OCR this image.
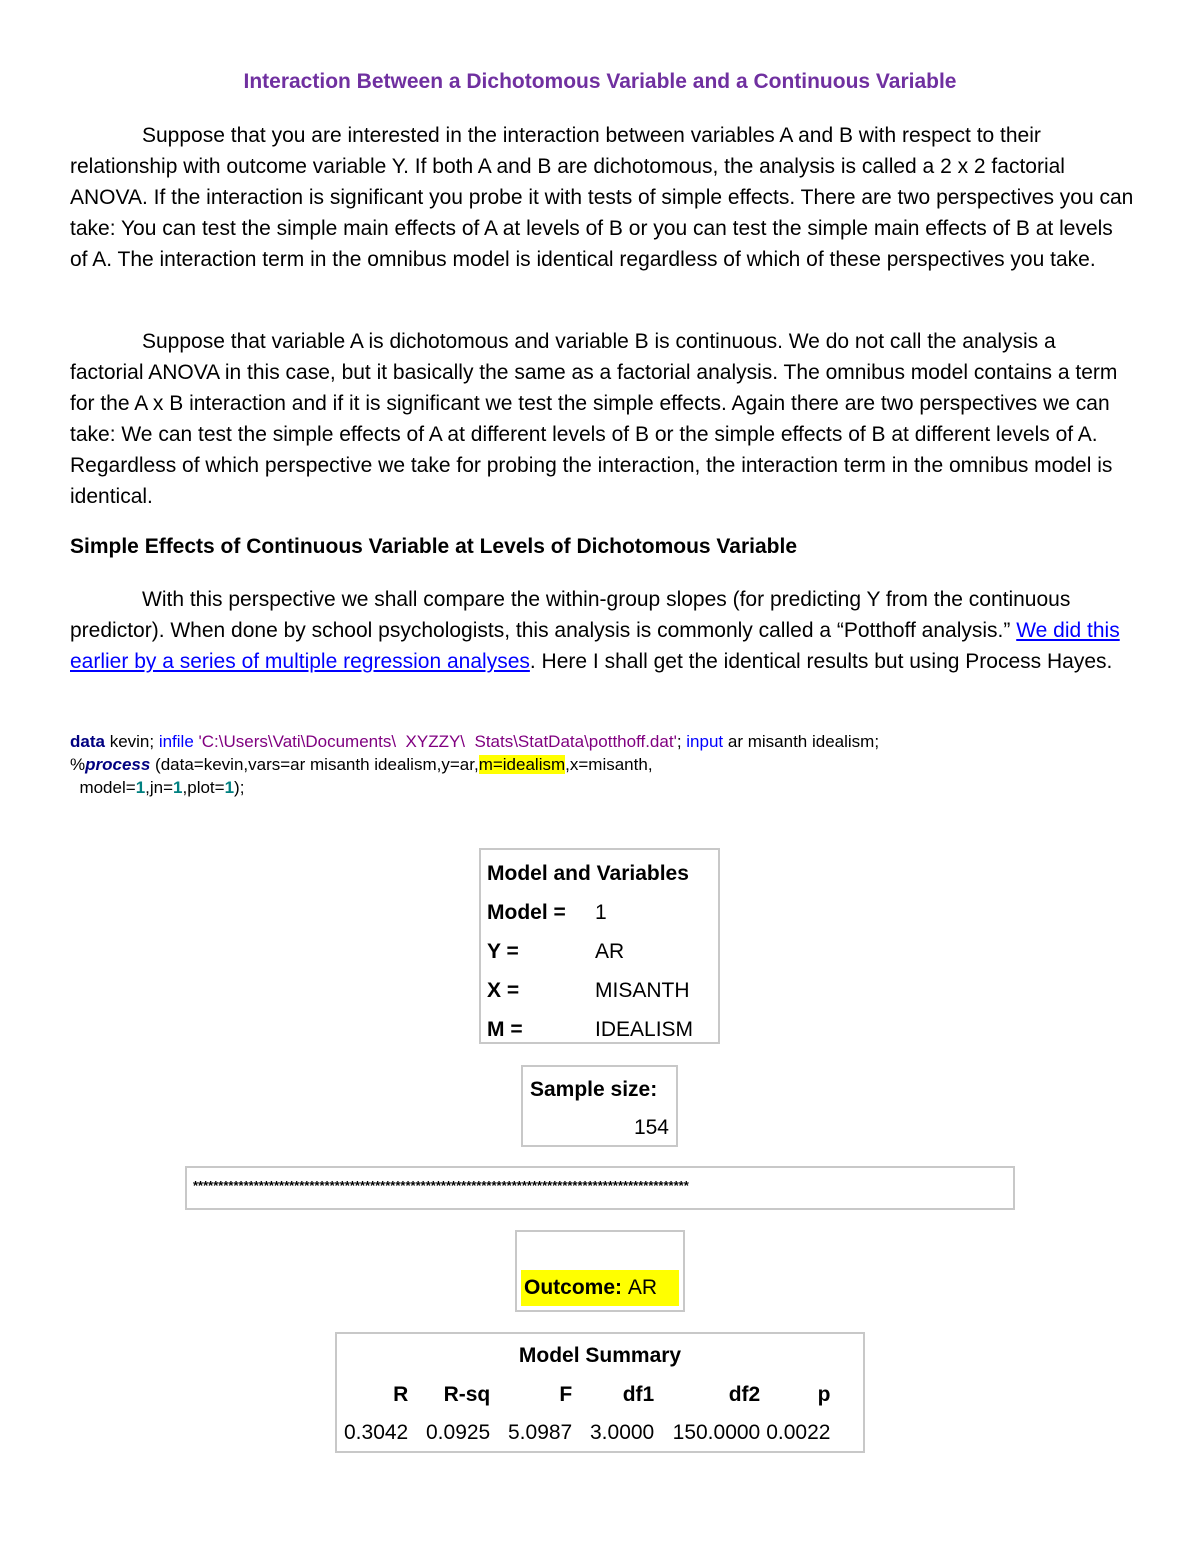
Interaction Between a Dichotomous Variable and a Continuous Variable

Suppose that you are interested in the interaction between variables A and B with respect to their relationship with outcome variable Y. If both A and B are dichotomous, the analysis is called a 2 x 2 factorial ANOVA. If the interaction is significant you probe it with tests of simple effects. There are two perspectives you can take: You can test the simple main effects of A at levels of B or you can test the simple main effects of B at levels of A. The interaction term in the omnibus model is identical regardless of which of these perspectives you take.

Suppose that variable A is dichotomous and variable B is continuous. We do not call the analysis a factorial ANOVA in this case, but it basically the same as a factorial analysis. The omnibus model contains a term for the A x B interaction and if it is significant we test the simple effects. Again there are two perspectives we can take: We can test the simple effects of A at different levels of B or the simple effects of B at different levels of A. Regardless of which perspective we take for probing the interaction, the interaction term in the omnibus model is identical.

Simple Effects of Continuous Variable at Levels of Dichotomous Variable

With this perspective we shall compare the within-group slopes (for predicting Y from the continuous predictor). When done by school psychologists, this analysis is commonly called a “Potthoff analysis.” We did this earlier by a series of multiple regression analyses. Here I shall get the identical results but using Process Hayes.

data kevin; infile 'C:\Users\Vati\Documents\  XYZZY\  Stats\StatData\potthoff.dat'; input ar misanth idealism;
%process (data=kevin,vars=ar misanth idealism,y=ar,m=idealism,x=misanth,
model=1,jn=1,plot=1);
Model and Variables
Model =	1
Y =	AR
X =	MISANTH
M =	IDEALISM
Sample size:
154
**************************************************************************************************
Outcome: AR
Model Summary
R	R-sq	F	df1	df2	p
0.3042	0.0925	5.0987	3.0000	150.0000	0.0022
